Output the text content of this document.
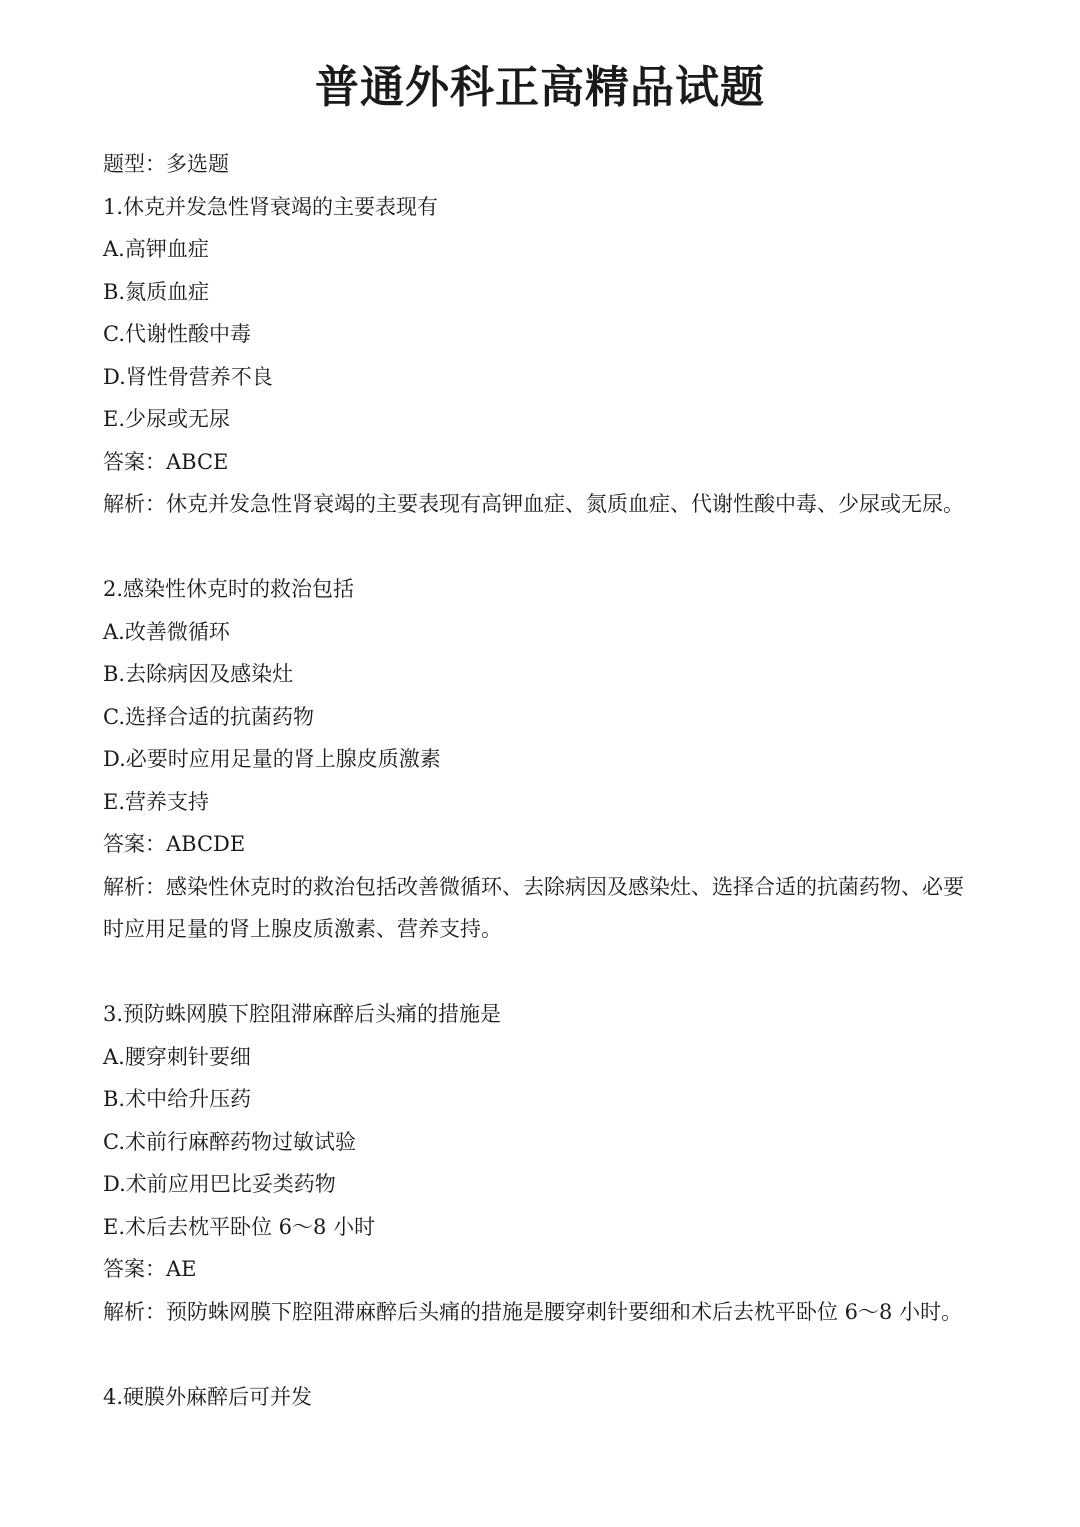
普通外科正高精品试题

题型：多选题

1.休克并发急性肾衰竭的主要表现有

A.高钾血症

B.氮质血症

C.代谢性酸中毒

D.肾性骨营养不良

E.少尿或无尿

答案：ABCE

解析：休克并发急性肾衰竭的主要表现有高钾血症、氮质血症、代谢性酸中毒、少尿或无尿。

2.感染性休克时的救治包括

A.改善微循环

B.去除病因及感染灶

C.选择合适的抗菌药物

D.必要时应用足量的肾上腺皮质激素

E.营养支持

答案：ABCDE

解析：感染性休克时的救治包括改善微循环、去除病因及感染灶、选择合适的抗菌药物、必要时应用足量的肾上腺皮质激素、营养支持。

3.预防蛛网膜下腔阻滞麻醉后头痛的措施是

A.腰穿刺针要细

B.术中给升压药

C.术前行麻醉药物过敏试验

D.术前应用巴比妥类药物

E.术后去枕平卧位 6～8 小时

答案：AE

解析：预防蛛网膜下腔阻滞麻醉后头痛的措施是腰穿刺针要细和术后去枕平卧位 6～8 小时。

4.硬膜外麻醉后可并发
